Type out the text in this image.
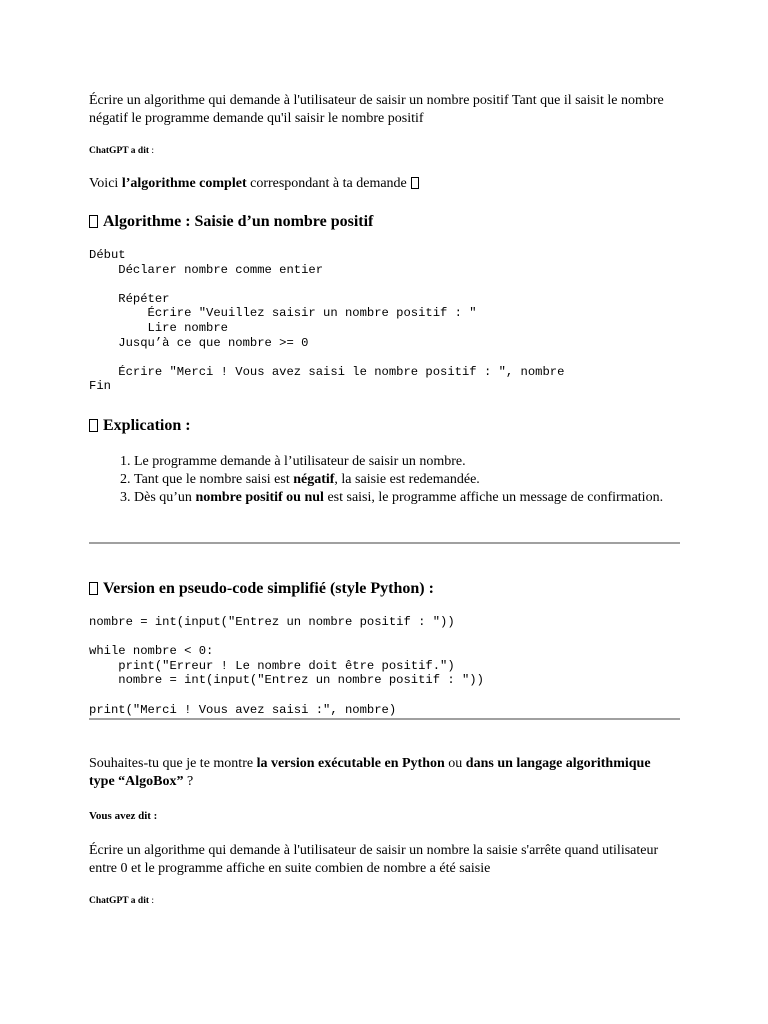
Écrire un algorithme qui demande à l'utilisateur de saisir un nombre positif Tant que il saisit le nombre négatif le programme demande qu'il saisir le nombre positif

ChatGPT a dit :

Voici l’algorithme complet correspondant à ta demande

Algorithme : Saisie d’un nombre positif
Début
Déclarer nombre comme entier

Répéter
Écrire "Veuillez saisir un nombre positif : "
Lire nombre
Jusqu’à ce que nombre >= 0

Écrire "Merci ! Vous avez saisi le nombre positif : ", nombre
Fin
Explication :
1. Le programme demande à l’utilisateur de saisir un nombre.
2. Tant que le nombre saisi est négatif, la saisie est redemandée.
3. Dès qu’un nombre positif ou nul est saisi, le programme affiche un message de confirmation.
Version en pseudo-code simplifié (style Python) :
nombre = int(input("Entrez un nombre positif : "))

while nombre < 0:
print("Erreur ! Le nombre doit être positif.")
nombre = int(input("Entrez un nombre positif : "))

print("Merci ! Vous avez saisi :", nombre)

Souhaites-tu que je te montre la version exécutable en Python ou dans un langage algorithmique type “AlgoBox” ?

Vous avez dit :

Écrire un algorithme qui demande à l'utilisateur de saisir un nombre la saisie s'arrête quand utilisateur entre 0 et le programme affiche en suite combien de nombre a été saisie

ChatGPT a dit :
